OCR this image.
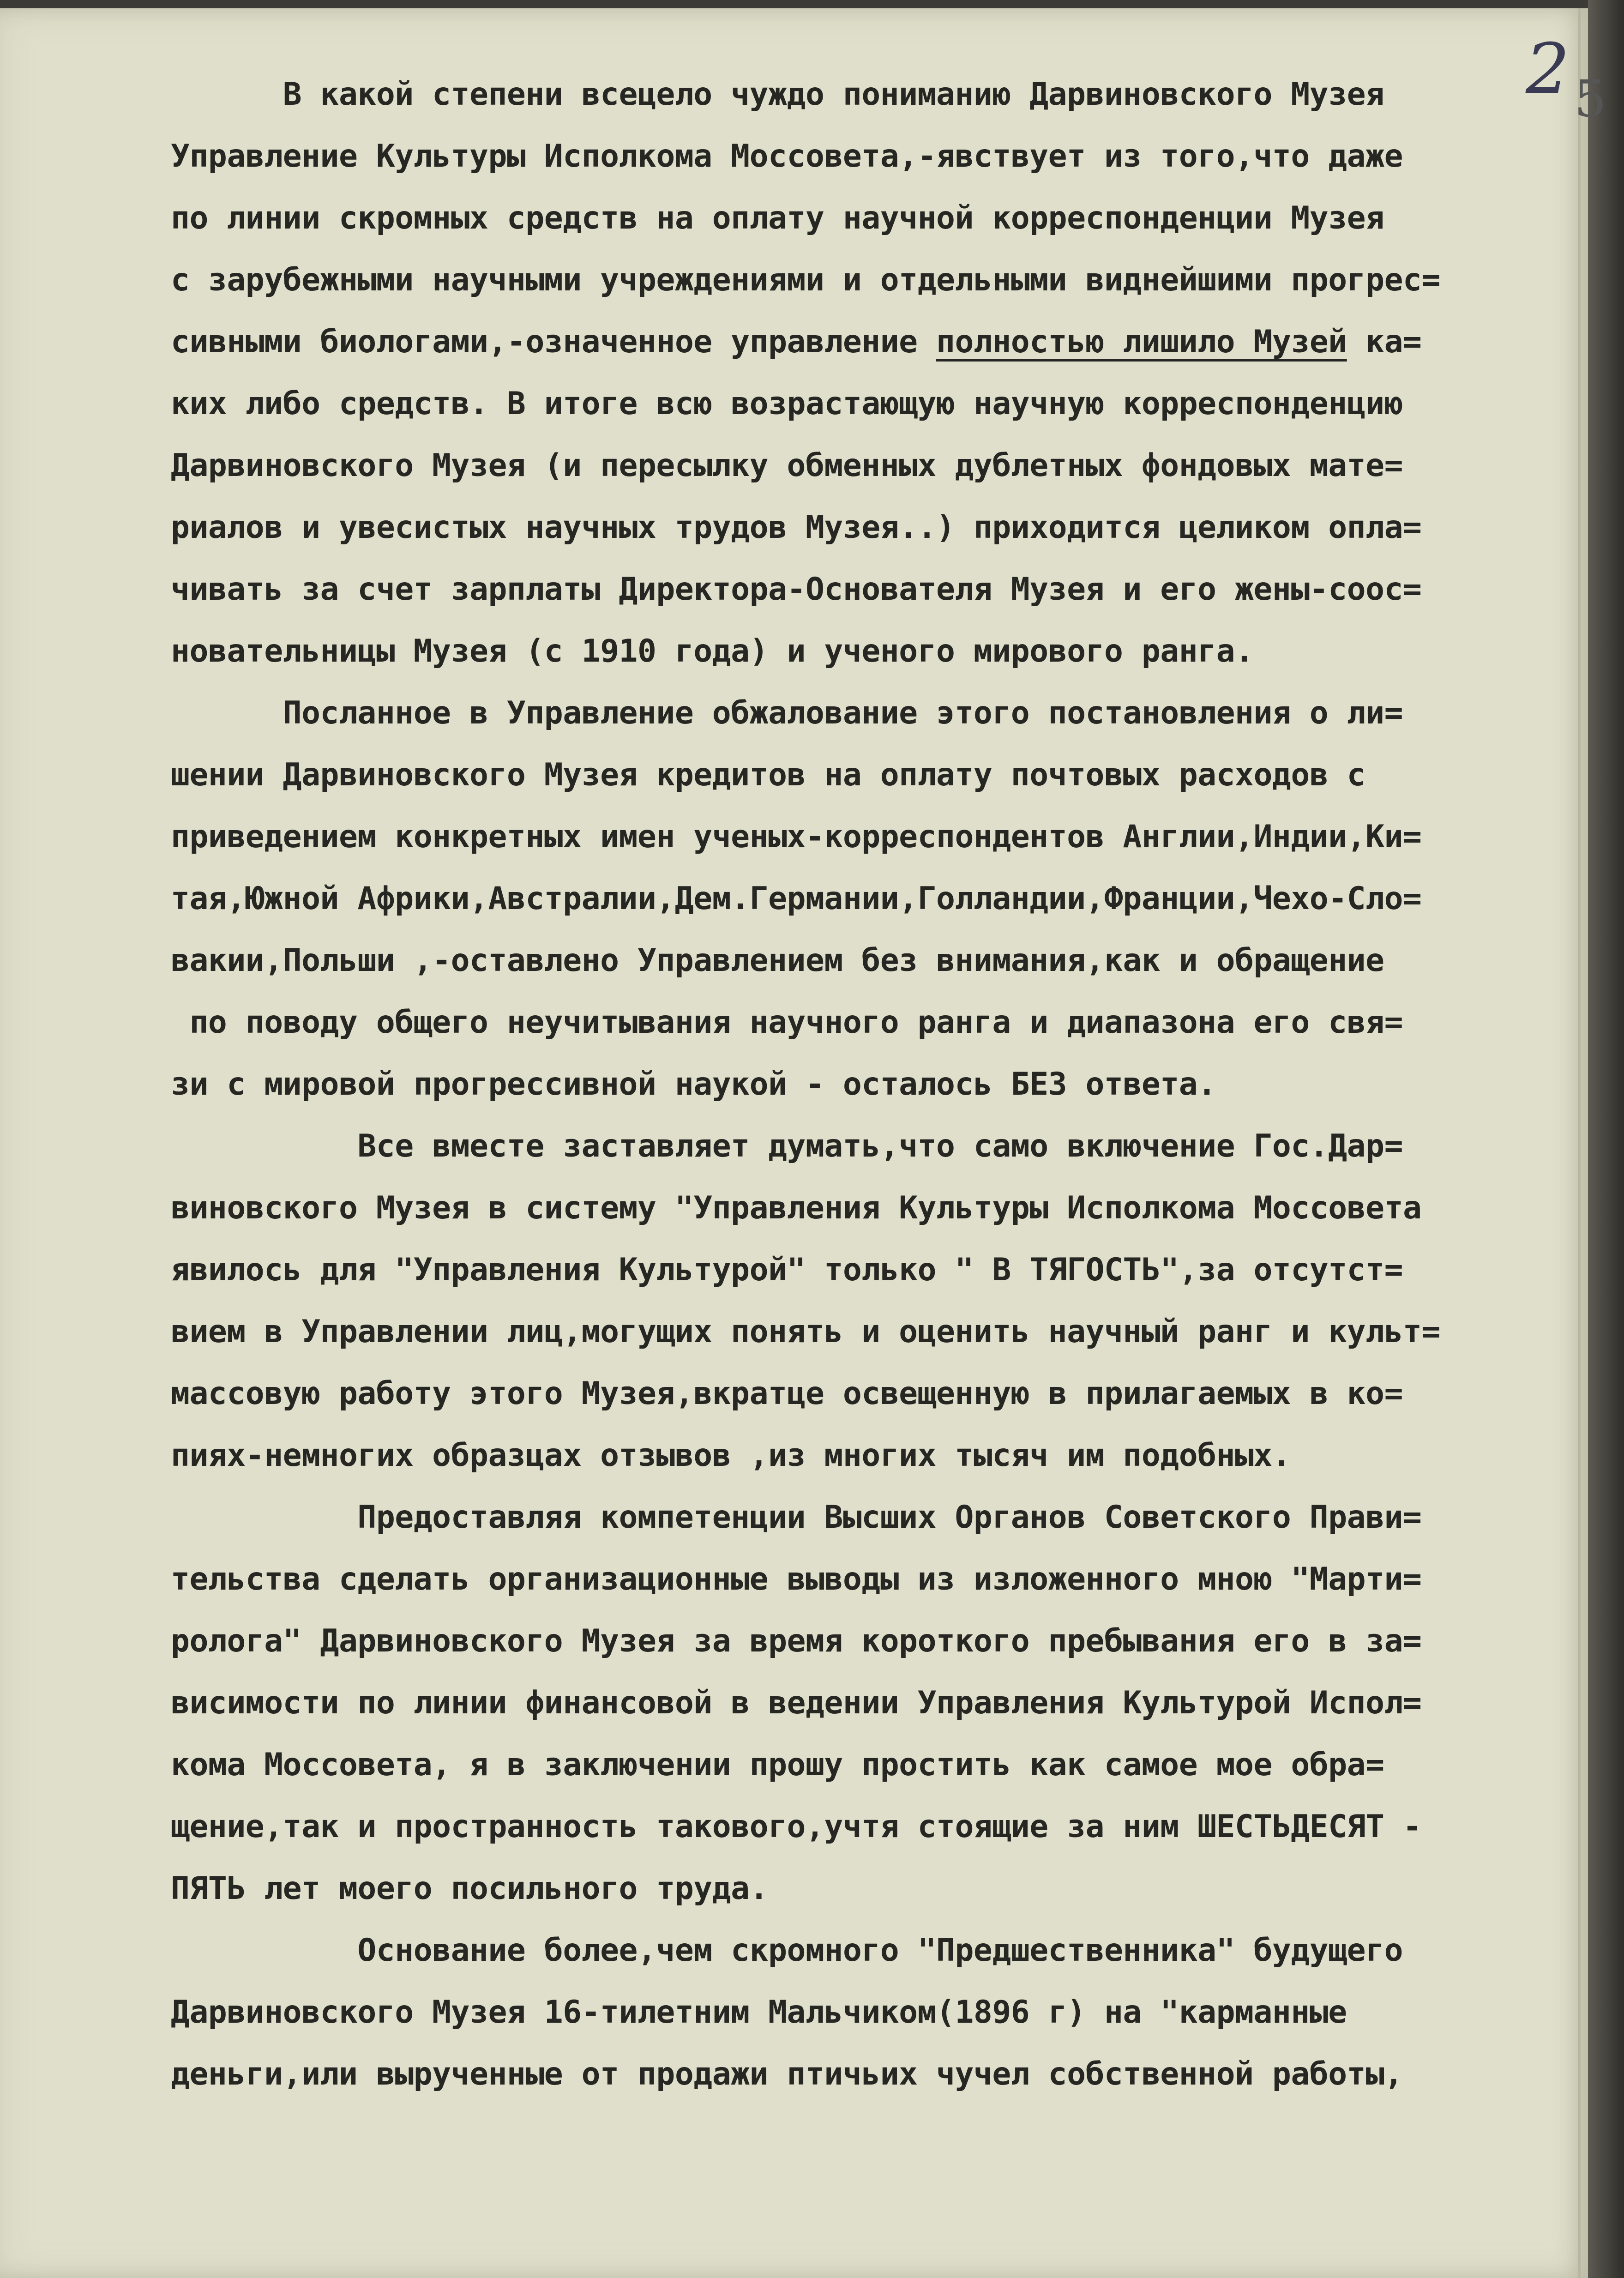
2 5
В какой степени всецело чуждо пониманию Дарвиновского Музея
Управление Культуры Исполкома Моссовета,-явствует из того,что даже
по линии скромных средств на оплату научной корреспонденции Музея
с зарубежными научными учреждениями и отдельными виднейшими прогрес=
сивными биологами,-означенное управление полностью лишило Музей ка=
ких либо средств. В итоге всю возрастающую научную корреспонденцию
Дарвиновского Музея (и пересылку обменных дублетных фондовых мате=
риалов и увесистых научных трудов Музея..) приходится целиком опла=
чивать за счет зарплаты Директора-Основателя Музея и его жены-соос=
новательницы Музея (с 1910 года) и ученого мирового ранга.
Посланное в Управление обжалование этого постановления о ли=
шении Дарвиновского Музея кредитов на оплату почтовых расходов с
приведением конкретных имен ученых-корреспондентов Англии,Индии,Ки=
тая,Южной Африки,Австралии,Дем.Германии,Голландии,Франции,Чехо-Сло=
вакии,Польши ,-оставлено Управлением без внимания,как и обращение
по поводу общего неучитывания научного ранга и диапазона его свя=
зи с мировой прогрессивной наукой - осталось БЕЗ ответа.
Все вместе заставляет думать,что само включение Гос.Дар=
виновского Музея в систему "Управления Культуры Исполкома Моссовета
явилось для "Управления Культурой" только " В ТЯГОСТЬ",за отсутст=
вием в Управлении лиц,могущих понять и оценить научный ранг и культ=
массовую работу этого Музея,вкратце освещенную в прилагаемых в ко=
пиях-немногих образцах отзывов ,из многих тысяч им подобных.
Предоставляя компетенции Высших Органов Советского Прави=
тельства сделать организационные выводы из изложенного мною "Марти=
ролога" Дарвиновского Музея за время короткого пребывания его в за=
висимости по линии финансовой в ведении Управления Культурой Испол=
кома Моссовета, я в заключении прошу простить как самое мое обра=
щение,так и пространность такового,учтя стоящие за ним ШЕСТЬДЕСЯТ -
ПЯТЬ лет моего посильного труда.
Основание более,чем скромного "Предшественника" будущего
Дарвиновского Музея 16-тилетним Мальчиком(1896 г) на "карманные
деньги,или вырученные от продажи птичьих чучел собственной работы,
